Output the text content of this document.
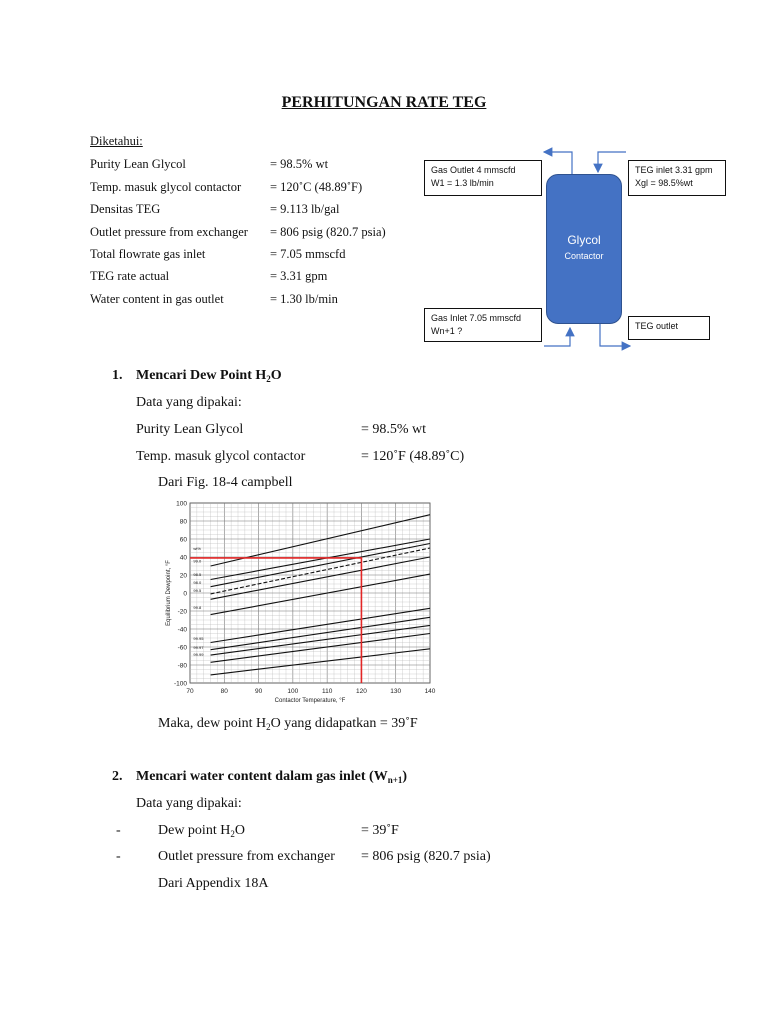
PERHITUNGAN RATE TEG
Diketahui:
Purity Lean Glycol	= 98.5% wt
Temp. masuk glycol contactor = 120˚C (48.89˚F)
Densitas TEG	= 9.113 lb/gal
Outlet pressure from exchanger = 806 psig (820.7 psia)
Total flowrate gas inlet	= 7.05 mmscfd
TEG rate actual	= 3.31 gpm
Water content in gas outlet	= 1.30 lb/min
Gas Outlet 4 mmscfd
W1 = 1.3 lb/min
TEG inlet 3.31 gpm
Xgl = 98.5%wt
Glycol
Contactor
Gas Inlet 7.05 mmscfd
Wn+1 ?	TEG outlet
1. Mencari Dew Point $H_2O$
Data yang dipakai:
Purity Lean Glycol	= 98.5% wt
Temp. masuk glycol contactor	= 120˚F (48.89˚C)
Dari Fig. 18-4 campbell
70	80	90	100	110	120	130	140
100
80
60
40
20
0
-20
-40
-60
-80
-100
Contactor Temperature, °F
Equilibrium Dewpoint, °F
wt%
99.0
98.5
98.0
99.5
99.8
99.95
99.97
99.99
Maka, dew point $H_2O$ yang didapatkan = 39˚F
2. Mencari water content dalam gas inlet $(W_{n+1})$
Data yang dipakai:
-	Dew point $H_2O$	= 39˚F
-	Outlet pressure from exchanger = 806 psig (820.7 psia)
Dari Appendix 18A
